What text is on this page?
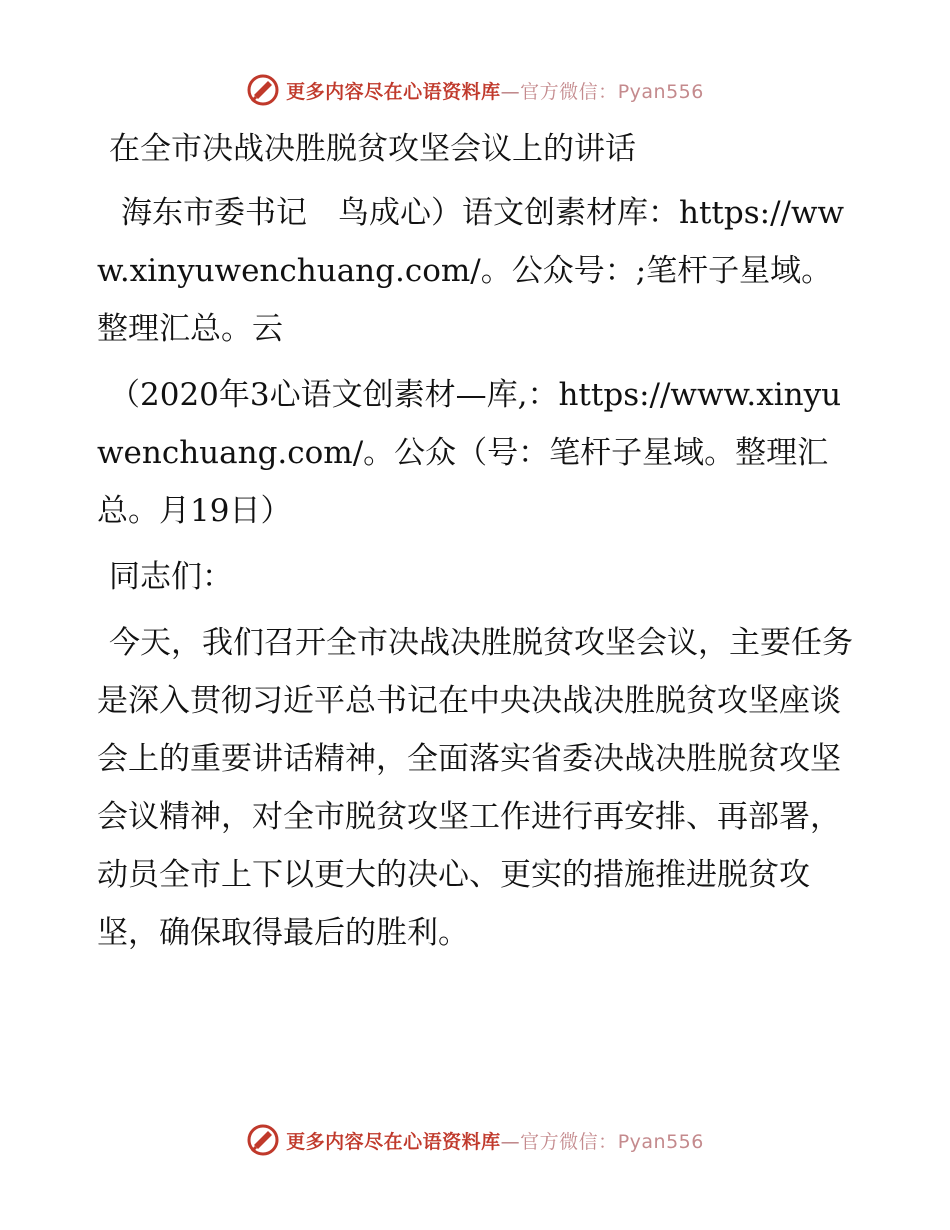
更多内容尽在心语资料库—官方微信：Pyan556

在全市决战决胜脱贫攻坚会议上的讲话

海东市委书记　鸟成心）语文创素材库：https://www.xinyuwenchuang.com/。公众号：;笔杆子星域。整理汇总。云

（2020年3心语文创素材—库,：https://www.xinyuwenchuang.com/。公众（号：笔杆子星域。整理汇总。月19日）

同志们：

今天，我们召开全市决战决胜脱贫攻坚会议，主要任务是深入贯彻习近平总书记在中央决战决胜脱贫攻坚座谈会上的重要讲话精神，全面落实省委决战决胜脱贫攻坚会议精神，对全市脱贫攻坚工作进行再安排、再部署，动员全市上下以更大的决心、更实的措施推进脱贫攻坚，确保取得最后的胜利。

更多内容尽在心语资料库—官方微信：Pyan556
